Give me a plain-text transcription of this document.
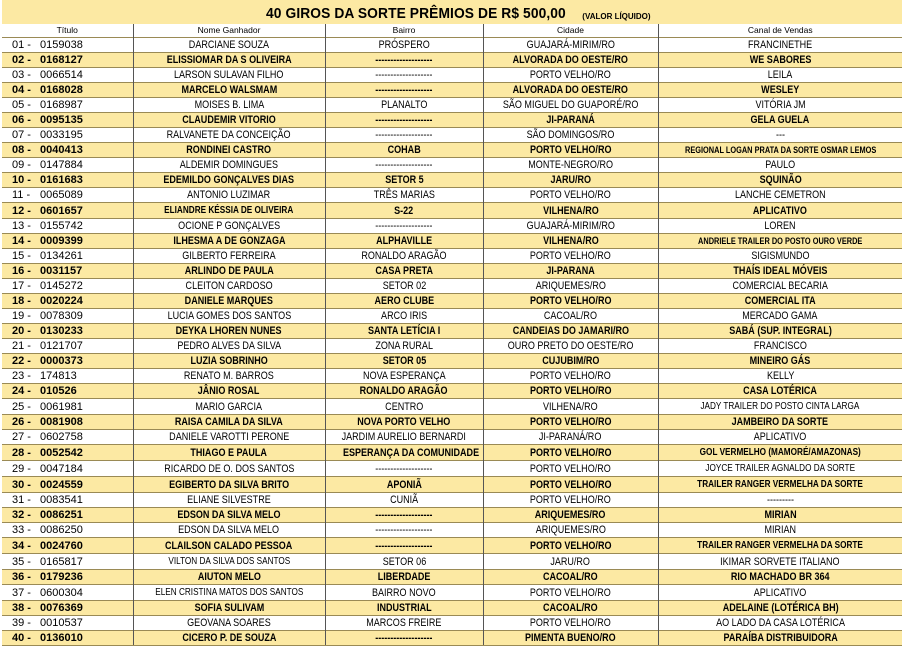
40 GIROS DA SORTE PRÊMIOS DE R$ 500,00 (VALOR LÍQUIDO)
Título	Nome Ganhador	Bairro	Cidade	Canal de Vendas
01 - 0159038	DARCIANE SOUZA	PRÓSPERO	GUAJARÁ-MIRIM/RO	FRANCINETHE
02 - 0168127	ELISSIOMAR DA S OLIVEIRA	-------------------	ALVORADA DO OESTE/RO	WE SABORES
03 - 0066514	LARSON SULAVAN FILHO	-------------------	PORTO VELHO/RO	LEILA
04 - 0168028	MARCELO WALSMAM	-------------------	ALVORADA DO OESTE/RO	WESLEY
05 - 0168987	MOISES B. LIMA	PLANALTO	SÃO MIGUEL DO GUAPORÉ/RO	VITÓRIA JM
06 - 0095135	CLAUDEMIR VITORIO	-------------------	JI-PARANÁ	GELA GUELA
07 - 0033195	RALVANETE DA CONCEIÇÃO	-------------------	SÃO DOMINGOS/RO	---
08 - 0040413	RONDINEI CASTRO	COHAB	PORTO VELHO/RO	REGIONAL LOGAN PRATA DA SORTE OSMAR LEMOS
09 - 0147884	ALDEMIR DOMINGUES	-------------------	MONTE-NEGRO/RO	PAULO
10 - 0161683	EDEMILDO GONÇALVES DIAS	SETOR 5	JARU/RO	SQUINÃO
11 - 0065089	ANTONIO LUZIMAR	TRÊS MARIAS	PORTO VELHO/RO	LANCHE CEMETRON
12 - 0601657	ELIANDRE KÉSSIA DE OLIVEIRA	S-22	VILHENA/RO	APLICATIVO
13 - 0155742	OCIONE P GONÇALVES	-------------------	GUAJARÁ-MIRIM/RO	LOREN
14 - 0009399	ILHESMA A DE GONZAGA	ALPHAVILLE	VILHENA/RO	ANDRIELE TRAILER DO POSTO OURO VERDE
15 - 0134261	GILBERTO FERREIRA	RONALDO ARAGÃO	PORTO VELHO/RO	SIGISMUNDO
16 - 0031157	ARLINDO DE PAULA	CASA PRETA	JI-PARANA	THAÍS IDEAL MÓVEIS
17 - 0145272	CLEITON CARDOSO	SETOR 02	ARIQUEMES/RO	COMERCIAL BECARIA
18 - 0020224	DANIELE MARQUES	AERO CLUBE	PORTO VELHO/RO	COMERCIAL ITA
19 - 0078309	LUCIA GOMES DOS SANTOS	ARCO IRIS	CACOAL/RO	MERCADO GAMA
20 - 0130233	DEYKA LHOREN NUNES	SANTA LETÍCIA I	CANDEIAS DO JAMARI/RO	SABÁ (SUP. INTEGRAL)
21 - 0121707	PEDRO ALVES DA SILVA	ZONA RURAL	OURO PRETO DO OESTE/RO	FRANCISCO
22 - 0000373	LUZIA SOBRINHO	SETOR 05	CUJUBIM/RO	MINEIRO GÁS
23 - 174813	RENATO M. BARROS	NOVA ESPERANÇA	PORTO VELHO/RO	KELLY
24 - 010526	JÂNIO ROSAL	RONALDO ARAGÃO	PORTO VELHO/RO	CASA LOTÉRICA
25 - 0061981	MARIO GARCIA	CENTRO	VILHENA/RO	JADY TRAILER DO POSTO CINTA LARGA
26 - 0081908	RAISA CAMILA DA SILVA	NOVA PORTO VELHO	PORTO VELHO/RO	JAMBEIRO DA SORTE
27 - 0602758	DANIELE VAROTTI PERONE	JARDIM AURELIO BERNARDI	JI-PARANÁ/RO	APLICATIVO
28 - 0052542	THIAGO E PAULA	ESPERANÇA DA COMUNIDADE	PORTO VELHO/RO	GOL VERMELHO (MAMORÉ/AMAZONAS)
29 - 0047184	RICARDO DE O. DOS SANTOS	-------------------	PORTO VELHO/RO	JOYCE TRAILER AGNALDO DA SORTE
30 - 0024559	EGIBERTO DA SILVA BRITO	APONIÃ	PORTO VELHO/RO	TRAILER RANGER VERMELHA DA SORTE
31 - 0083541	ELIANE SILVESTRE	CUNIÃ	PORTO VELHO/RO	---------
32 - 0086251	EDSON DA SILVA MELO	-------------------	ARIQUEMES/RO	MIRIAN
33 - 0086250	EDSON DA SILVA MELO	-------------------	ARIQUEMES/RO	MIRIAN
34 - 0024760	CLAILSON CALADO PESSOA	-------------------	PORTO VELHO/RO	TRAILER RANGER VERMELHA DA SORTE
35 - 0165817	VILTON DA SILVA DOS SANTOS	SETOR 06	JARU/RO	IKIMAR SORVETE ITALIANO
36 - 0179236	AIUTON MELO	LIBERDADE	CACOAL/RO	RIO MACHADO BR 364
37 - 0600304	ELEN CRISTINA MATOS DOS SANTOS	BAIRRO NOVO	PORTO VELHO/RO	APLICATIVO
38 - 0076369	SOFIA SULIVAM	INDUSTRIAL	CACOAL/RO	ADELAINE (LOTÉRICA BH)
39 - 0010537	GEOVANA SOARES	MARCOS FREIRE	PORTO VELHO/RO	AO LADO DA CASA LOTÉRICA
40 - 0136010	CICERO P. DE SOUZA	-------------------	PIMENTA BUENO/RO	PARAÍBA DISTRIBUIDORA
